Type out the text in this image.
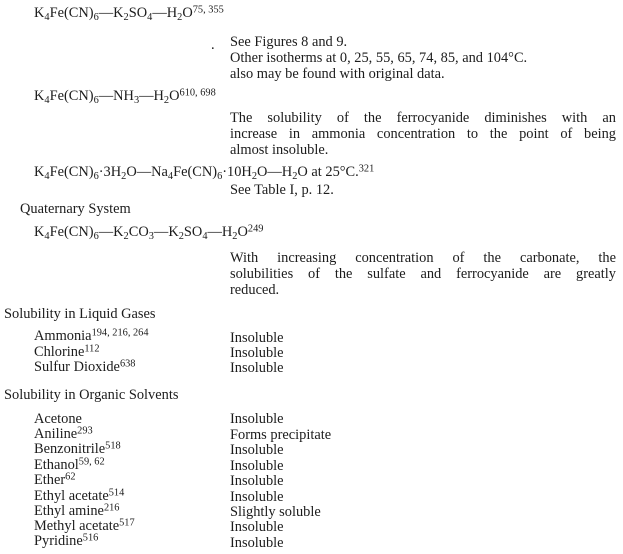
$K_4Fe(CN)_6—K_2SO_4—H_2O^{75, 355}$
. See Figures 8 and 9.
Other isotherms at 0, 25, 55, 65, 74, 85, and 104°C.
also may be found with original data.
$K_4Fe(CN)_6—NH_3—H_2O^{610, 698}$
The solubility of the ferrocyanide diminishes with an
increase in ammonia concentration to the point of being
almost insoluble.
$K_4Fe(CN)_6\cdot 3H_2O—Na_4Fe(CN)_6\cdot 10H_2O—H_2O$ at 25°C.$^{321}$
See Table I, p. 12.
Quaternary System
$K_4Fe(CN)_6—K_2CO_3—K_2SO_4—H_2O^{249}$
With increasing concentration of the carbonate, the
solubilities of the sulfate and ferrocyanide are greatly
reduced.
Solubility in Liquid Gases
Ammonia$^{194, 216, 264}$	Insoluble
Chlorine$^{112}$	Insoluble
Sulfur Dioxide$^{638}$	Insoluble
Solubility in Organic Solvents
Acetone	Insoluble
Aniline$^{293}$	Forms precipitate
Benzonitrile$^{518}$	Insoluble
Ethanol$^{59, 62}$	Insoluble
Ether$^{62}$	Insoluble
Ethyl acetate$^{514}$	Insoluble
Ethyl amine$^{216}$	Slightly soluble
Methyl acetate$^{517}$	Insoluble
Pyridine$^{516}$	Insoluble
